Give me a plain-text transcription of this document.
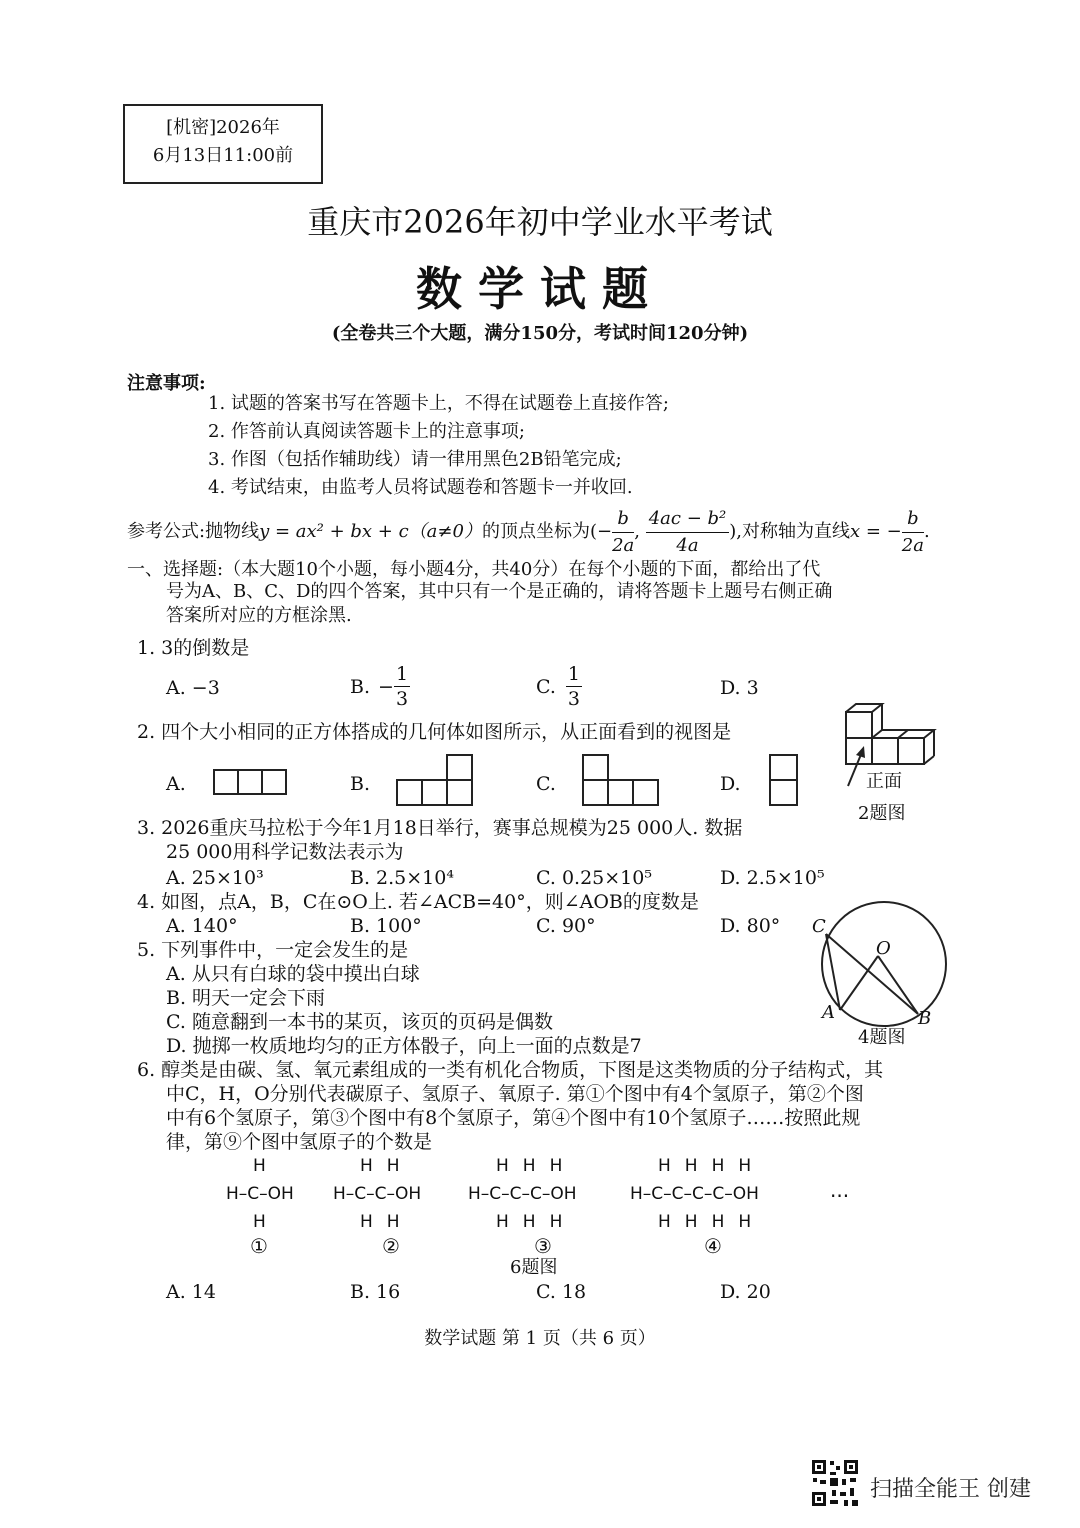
[机密]2026年
6月13日11:00前
重庆市2026年初中学业水平考试
数学试题
(全卷共三个大题，满分150分，考试时间120分钟)
注意事项:
1. 试题的答案书写在答题卡上，不得在试题卷上直接作答;
2. 作答前认真阅读答题卡上的注意事项;
3. 作图（包括作辅助线）请一律用黑色2B铅笔完成;
4. 考试结束，由监考人员将试题卷和答题卡一并收回.
参考公式:抛物线 y = ax² + bx + c（a≠0） 的顶点坐标为 (− $\frac{b}{2a}$ , $\frac{\text{4ac − b²}}{4a}$ ),对称轴为直线 x = − $\frac{b}{2a}$ .
一、选择题:（本大题10个小题，每小题4分，共40分）在每个小题的下面，都给出了代
号为A、B、C、D的四个答案，其中只有一个是正确的，请将答题卡上题号右侧正确
答案所对应的方框涂黑.
1. 3的倒数是
A. −3	B. − $\frac{1}{3}$	C.
1
3	D. 3
2. 四个大小相同的正方体搭成的几何体如图所示，从正面看到的视图是
A.	B.	C.	D.	正面
2题图
3. 2026重庆马拉松于今年1月18日举行，赛事总规模为25 000人. 数据
25 000用科学记数法表示为
A. 25×10³	B. 2.5×10⁴	C. 0.25×10⁵	D. 2.5×10⁵
4. 如图，点A，B，C在⊙O上. 若∠ACB=40°，则∠AOB的度数是
A. 140°	B. 100°	C. 90°	D. 80° C
O
A	B
4题图
5. 下列事件中，一定会发生的是
A. 从只有白球的袋中摸出白球
B. 明天一定会下雨
C. 随意翻到一本书的某页，该页的页码是偶数
D. 抛掷一枚质地均匀的正方体骰子，向上一面的点数是7
6. 醇类是由碳、氢、氧元素组成的一类有机化合物质，下图是这类物质的分子结构式，其
中C，H，O分别代表碳原子、氢原子、氧原子. 第①个图中有4个氢原子，第②个图
中有6个氢原子，第③个图中有8个氢原子，第④个图中有10个氢原子……按照此规
律，第⑨个图中氢原子的个数是
H
H–C–OH
H
①
HH
H–C–C–OH
HH
②
HHH
H–C–C–C–OH
HHH
③
HHHH
H–C–C–C–C–OH
HHHH
④
···
6题图
A. 14	B. 16	C. 18	D. 20
数学试题 第 1 页（共 6 页）
扫描全能王 创建
